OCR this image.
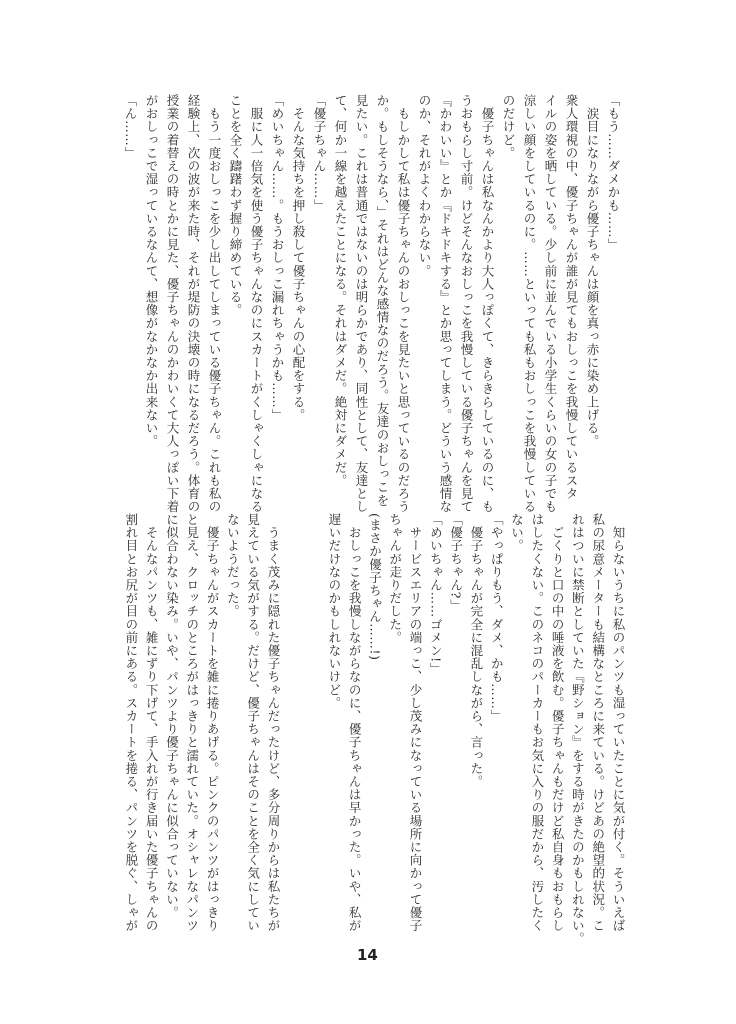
「もう……ダメかも……」
　涙目になりながら優子ちゃんは顔を真っ赤に染め上げる。
衆人環視の中、優子ちゃんが誰が見てもおしっこを我慢しているスタ
イルの姿を晒している。少し前に並んでいる小学生くらいの女の子でも
涼しい顔をしているのに。……といっても私もおしっこを我慢している
のだけど。
　優子ちゃんは私なんかより大人っぽくて、きらきらしているのに、も
うおもらし寸前。けどそんなおしっこを我慢している優子ちゃんを見て
『かわいい』とか『ドキドキする』とか思ってしまう。どういう感情な
のか、それがよくわからない。
　もしかして私は優子ちゃんのおしっこを見たいと思っているのだろう
か。もしそうなら、」それはどんな感情なのだろう。友達のおしっこを
見たい。これは普通ではないのは明らかであり、同性として、友達とし
て、何か一線を越えたことになる。それはダメだ。絶対にダメだ。
「優子ちゃん……」
　そんな気持ちを押し殺して優子ちゃんの心配をする。
「めいちゃん……。もうおしっこ漏れちゃうかも……」
　服に人一倍気を使う優子ちゃんなのにスカートがくしゃくしゃになる
ことを全く躊躇わず握り締めている。
　もう一度おしっこを少し出してしまっている優子ちゃん。これも私の
経験上、次の波が来た時、それが堤防の決壊の時になるだろう。体育の
授業の着替えの時とかに見た、優子ちゃんのかわいくて大人っぽい下着
がおしっこで湿っているなんて、想像がなかなか出来ない。
「ん……」
　知らないうちに私のパンツも湿っていたことに気が付く。そういえば
私の尿意メーターも結構なところに来ている。けどあの絶望的状況。こ
れはついに禁断としていた『野ション』をする時がきたのかもしれない。
　ごくりと口の中の唾液を飲む。優子ちゃんもだけど私自身もおもらし
はしたくない。このネコのパーカーもお気に入りの服だから、汚したく
ない。
「やっぱりもう、ダメ、かも……」
　優子ちゃんが完全に混乱しながら、言った。
「優子ちゃん?」
「めいちゃん……ゴメン!」
　サービスエリアの端っこ、少し茂みになっている場所に向かって優子
ちゃんが走りだした。
(まさか優子ちゃん……!)
　おしっこを我慢しながらなのに、優子ちゃんは早かった。いや、私が
遅いだけなのかもしれないけど。
　うまく茂みに隠れた優子ちゃんだったけど、多分周りからは私たちが
見えている気がする。だけど、優子ちゃんはそのことを全く気にしてい
ないようだった。
　優子ちゃんがスカートを雑に捲りあげる。ピンクのパンツがはっきり
と見え、クロッチのところがはっきりと濡れていた。オシャレなパンツ
に似合わない染み。いや、パンツより優子ちゃんに似合っていない。
　そんなパンツも、雑にずり下げて、手入れが行き届いた優子ちゃんの
割れ目とお尻が目の前にある。スカートを捲る、パンツを脱ぐ、しゃが
14
